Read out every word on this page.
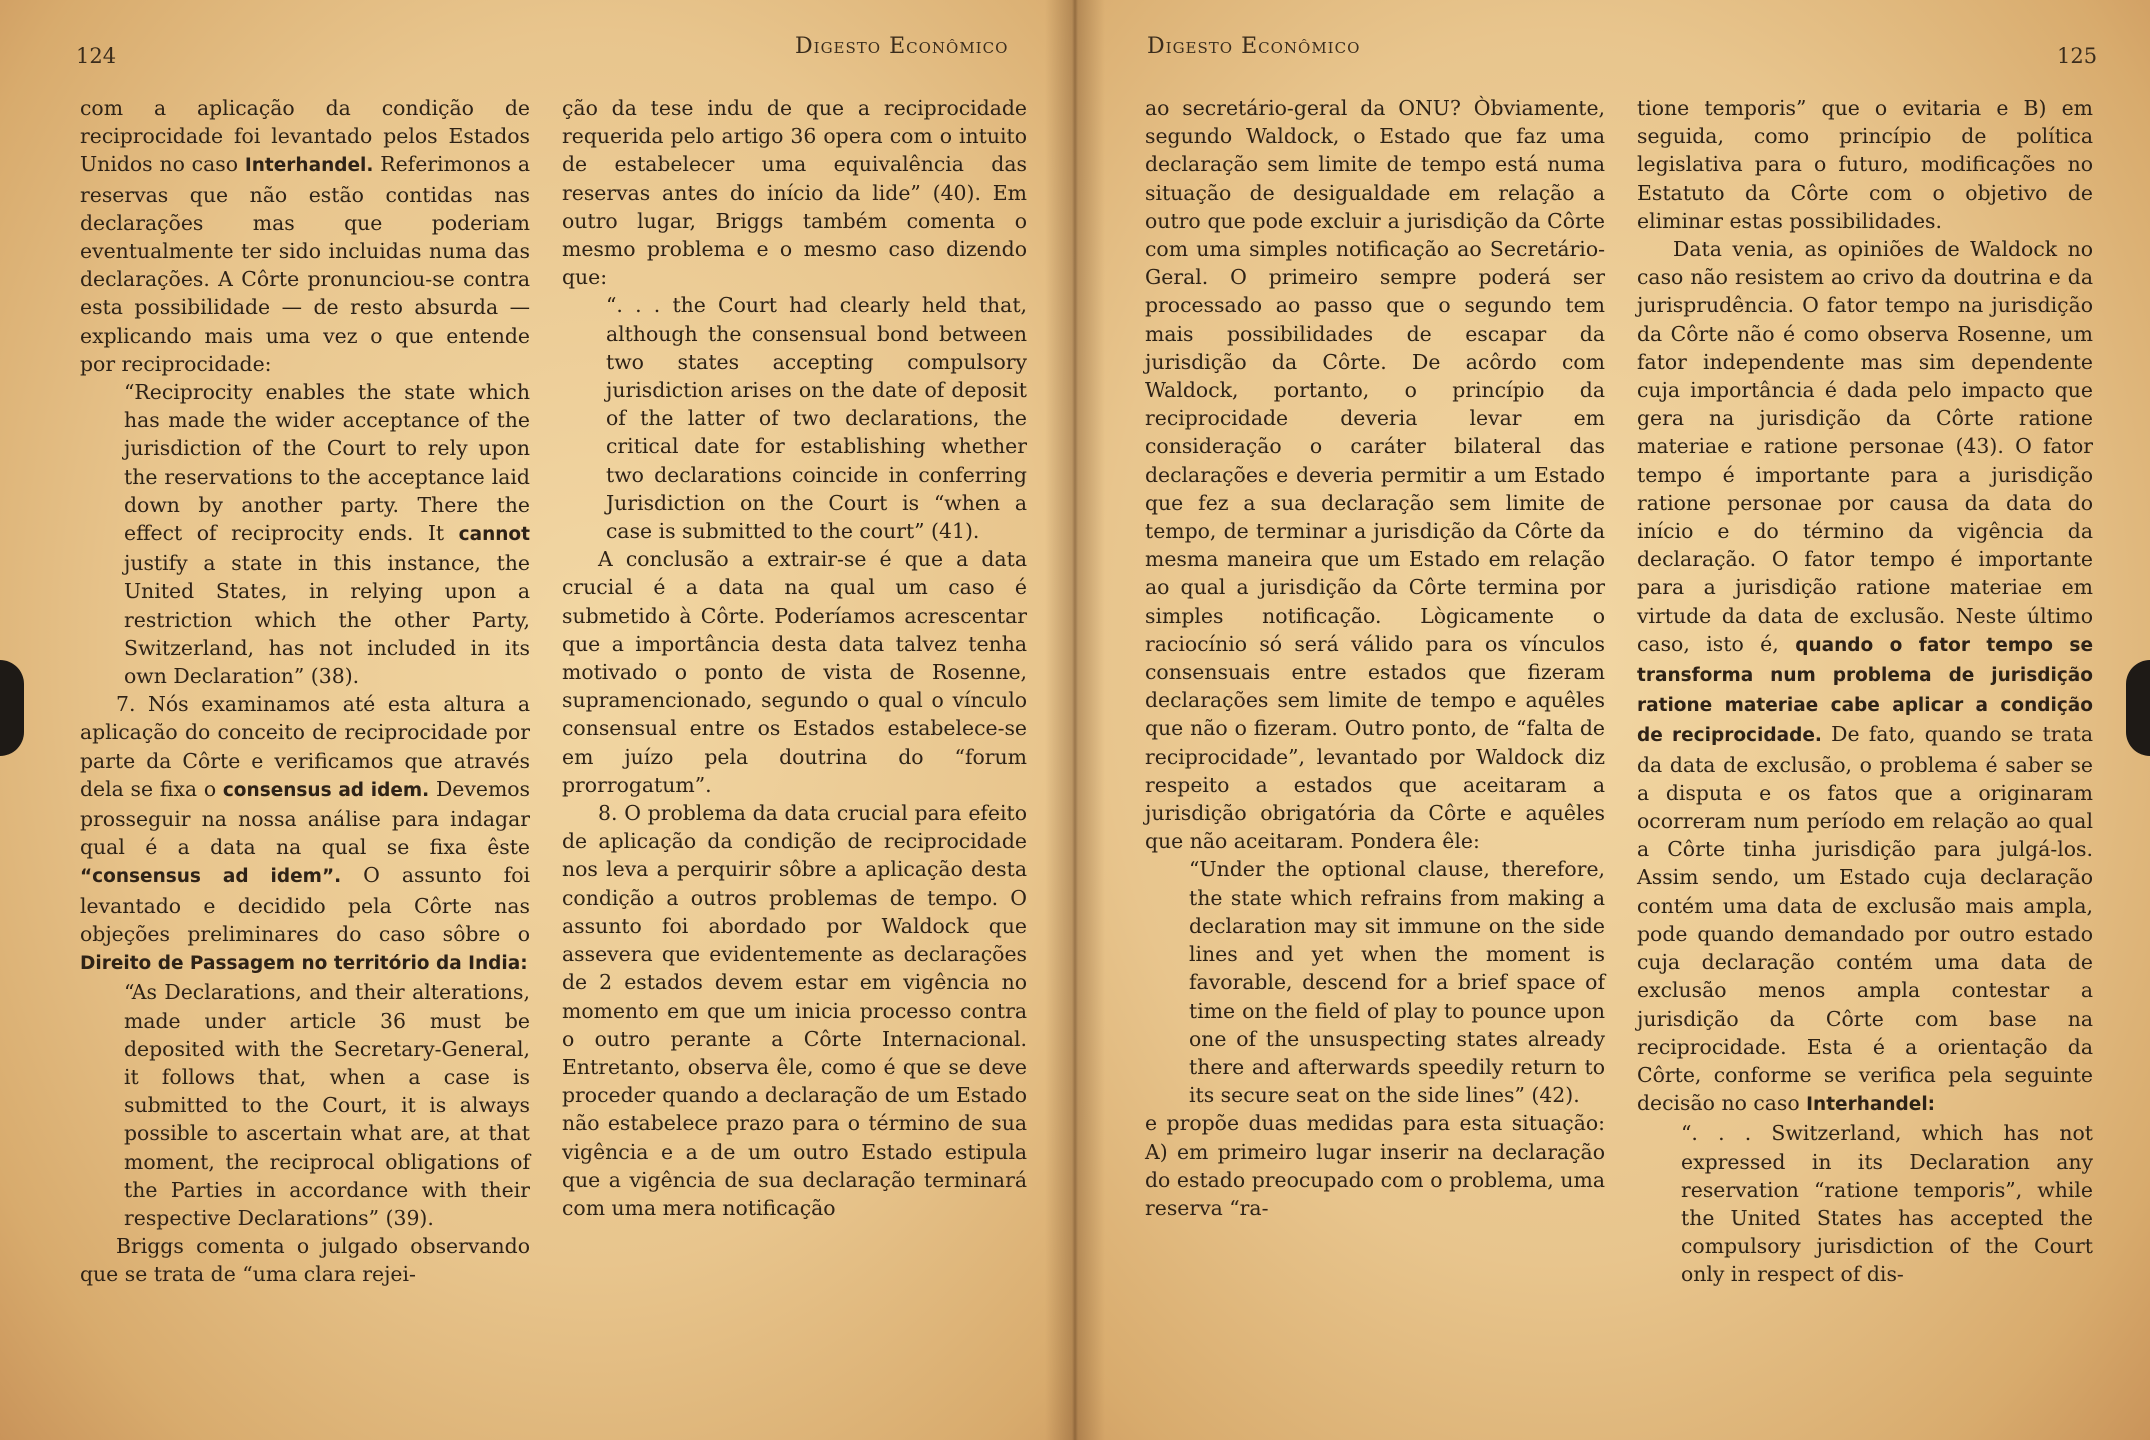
124	Digesto Econômico

com a aplicação da condição de reciprocidade foi levantado pelos Estados Unidos no caso Interhandel. Referimonos a reservas que não estão contidas nas declarações mas que poderiam eventualmente ter sido incluidas numa das declarações. A Côrte pronunciou-se contra esta possibilidade — de resto absurda — explicando mais uma vez o que entende por reciprocidade:

“Reciprocity enables the state which has made the wider acceptance of the jurisdiction of the Court to rely upon the reservations to the acceptance laid down by another party. There the effect of reciprocity ends. It cannot justify a state in this instance, the United States, in relying upon a restriction which the other Party, Switzerland, has not included in its own Declaration” (38).

7. Nós examinamos até esta altura a aplicação do conceito de reciprocidade por parte da Côrte e verificamos que através dela se fixa o consensus ad idem. Devemos prosseguir na nossa análise para indagar qual é a data na qual se fixa êste “consensus ad idem”. O assunto foi levantado e decidido pela Côrte nas objeções preliminares do caso sôbre o Direito de Passagem no território da India:

“As Declarations, and their alterations, made under article 36 must be deposited with the Secretary-General, it follows that, when a case is submitted to the Court, it is always possible to ascertain what are, at that moment, the reciprocal obligations of the Parties in accordance with their respective Declarations” (39).

Briggs comenta o julgado observando que se trata de “uma clara rejei-

ção da tese indu de que a reciprocidade requerida pelo artigo 36 opera com o intuito de estabelecer uma equivalência das reservas antes do início da lide” (40). Em outro lugar, Briggs também comenta o mesmo problema e o mesmo caso dizendo que:

“. . . the Court had clearly held that, although the consensual bond between two states accepting compulsory jurisdiction arises on the date of deposit of the latter of two declarations, the critical date for establishing whether two declarations coincide in conferring Jurisdiction on the Court is “when a case is submitted to the court” (41).

A conclusão a extrair-se é que a data crucial é a data na qual um caso é submetido à Côrte. Poderíamos acrescentar que a importância desta data talvez tenha motivado o ponto de vista de Rosenne, supramencionado, segundo o qual o vínculo consensual entre os Estados estabelece-se em juízo pela doutrina do “forum prorrogatum”.

8. O problema da data crucial para efeito de aplicação da condição de reciprocidade nos leva a perquirir sôbre a aplicação desta condição a outros problemas de tempo. O assunto foi abordado por Waldock que assevera que evidentemente as declarações de 2 estados devem estar em vigência no momento em que um inicia processo contra o outro perante a Côrte Internacional. Entretanto, observa êle, como é que se deve proceder quando a declaração de um Estado não estabelece prazo para o término de sua vigência e a de um outro Estado estipula que a vigência de sua declaração terminará com uma mera notificação

Digesto Econômico	125

ao secretário-geral da ONU? Òbviamente, segundo Waldock, o Estado que faz uma declaração sem limite de tempo está numa situação de desigualdade em relação a outro que pode excluir a jurisdição da Côrte com uma simples notificação ao Secretário-Geral. O primeiro sempre poderá ser processado ao passo que o segundo tem mais possibilidades de escapar da jurisdição da Côrte. De acôrdo com Waldock, portanto, o princípio da reciprocidade deveria levar em consideração o caráter bilateral das declarações e deveria permitir a um Estado que fez a sua declaração sem limite de tempo, de terminar a jurisdição da Côrte da mesma maneira que um Estado em relação ao qual a jurisdição da Côrte termina por simples notificação. Lògicamente o raciocínio só será válido para os vínculos consensuais entre estados que fizeram declarações sem limite de tempo e aquêles que não o fizeram. Outro ponto, de “falta de reciprocidade”, levantado por Waldock diz respeito a estados que aceitaram a jurisdição obrigatória da Côrte e aquêles que não aceitaram. Pondera êle:

“Under the optional clause, therefore, the state which refrains from making a declaration may sit immune on the side lines and yet when the moment is favorable, descend for a brief space of time on the field of play to pounce upon one of the unsuspecting states already there and afterwards speedily return to its secure seat on the side lines” (42).

e propõe duas medidas para esta situação: A) em primeiro lugar inserir na declaração do estado preocupado com o problema, uma reserva “ra-

tione temporis” que o evitaria e B) em seguida, como princípio de política legislativa para o futuro, modificações no Estatuto da Côrte com o objetivo de eliminar estas possibilidades.

Data venia, as opiniões de Waldock no caso não resistem ao crivo da doutrina e da jurisprudência. O fator tempo na jurisdição da Côrte não é como observa Rosenne, um fator independente mas sim dependente cuja importância é dada pelo impacto que gera na jurisdição da Côrte ratione materiae e ratione personae (43). O fator tempo é importante para a jurisdição ratione personae por causa da data do início e do término da vigência da declaração. O fator tempo é importante para a jurisdição ratione materiae em virtude da data de exclusão. Neste último caso, isto é, quando o fator tempo se transforma num problema de jurisdição ratione materiae cabe aplicar a condição de reciprocidade. De fato, quando se trata da data de exclusão, o problema é saber se a disputa e os fatos que a originaram ocorreram num período em relação ao qual a Côrte tinha jurisdição para julgá-los. Assim sendo, um Estado cuja declaração contém uma data de exclusão mais ampla, pode quando demandado por outro estado cuja declaração contém uma data de exclusão menos ampla contestar a jurisdição da Côrte com base na reciprocidade. Esta é a orientação da Côrte, conforme se verifica pela seguinte decisão no caso Interhandel:

“. . . Switzerland, which has not expressed in its Declaration any reservation “ratione temporis”, while the United States has accepted the compulsory jurisdiction of the Court only in respect of dis-
